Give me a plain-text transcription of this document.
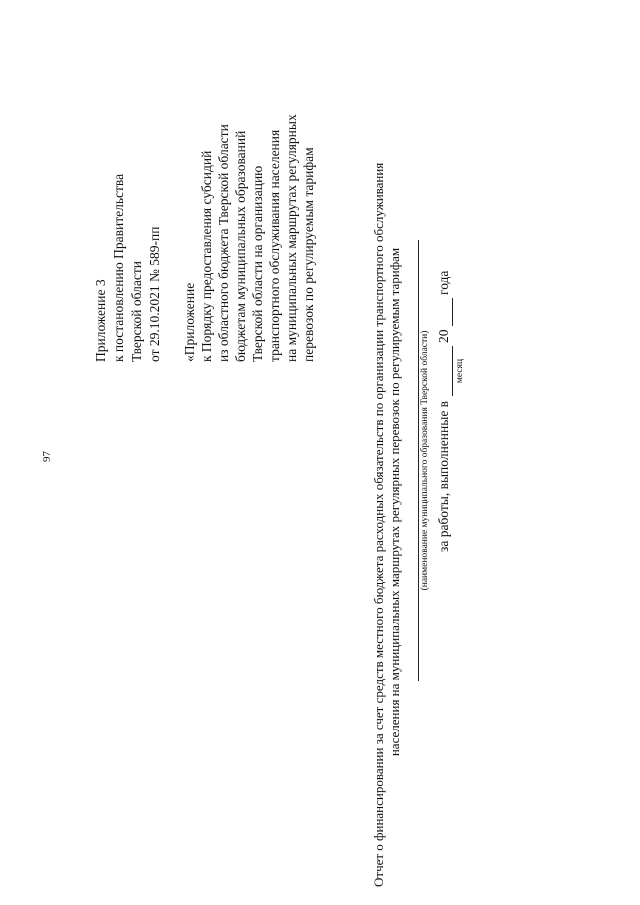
97
Приложение 3 к постановлению Правительства Тверской области от 29.10.2021 № 589-пп «Приложение к Порядку предоставления субсидий из областного бюджета Тверской области бюджетам муниципальных образований Тверской области на организацию транспортного обслуживания населения на муниципальных маршрутах регулярных перевозок по регулируемым тарифам	Отчет о финансировании за счет средств местного бюджета расходных обязательств по организации транспортного обслуживания населения на муниципальных маршрутах регулярных перевозок по регулируемым тарифам (наименование муниципального образования Тверской области) за работы, выполненные в
20
года
месяц
